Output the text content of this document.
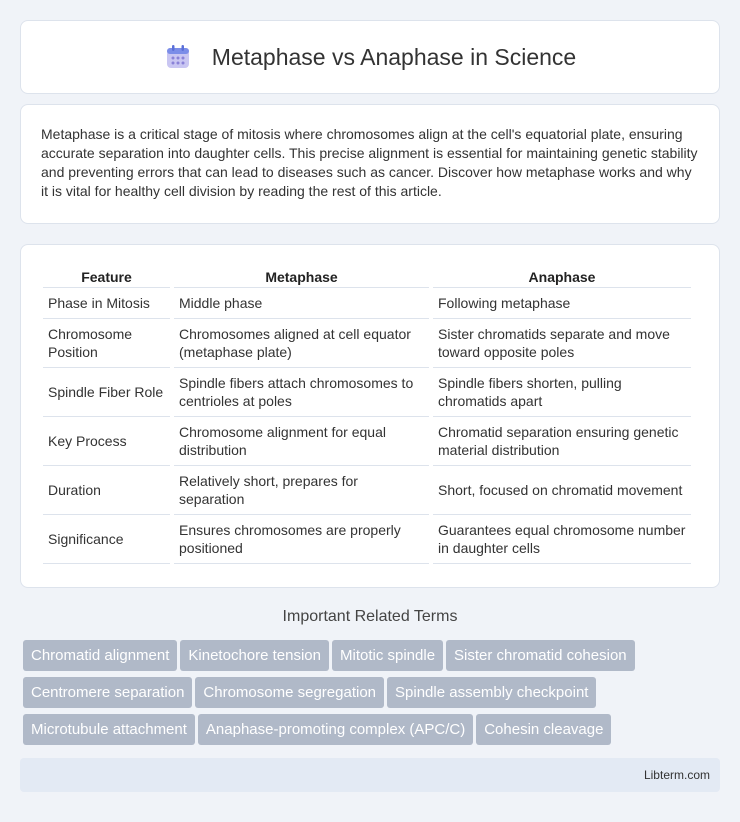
Metaphase vs Anaphase in Science

Metaphase is a critical stage of mitosis where chromosomes align at the cell's equatorial plate, ensuring accurate separation into daughter cells. This precise alignment is essential for maintaining genetic stability and preventing errors that can lead to diseases such as cancer. Discover how metaphase works and why it is vital for healthy cell division by reading the rest of this article.

Feature	Metaphase	Anaphase
Phase in Mitosis	Middle phase	Following metaphase
Chromosome Position	Chromosomes aligned at cell equator (metaphase plate)	Sister chromatids separate and move toward opposite poles
Spindle Fiber Role	Spindle fibers attach chromosomes to centrioles at poles	Spindle fibers shorten, pulling chromatids apart
Key Process	Chromosome alignment for equal distribution	Chromatid separation ensuring genetic material distribution
Duration	Relatively short, prepares for separation	Short, focused on chromatid movement
Significance	Ensures chromosomes are properly positioned	Guarantees equal chromosome number in daughter cells
Important Related Terms
Chromatid alignment Kinetochore tension Mitotic spindle Sister chromatid cohesion
Centromere separation Chromosome segregation Spindle assembly checkpoint
Microtubule attachment Anaphase-promoting complex (APC/C) Cohesin cleavage
Libterm.com
